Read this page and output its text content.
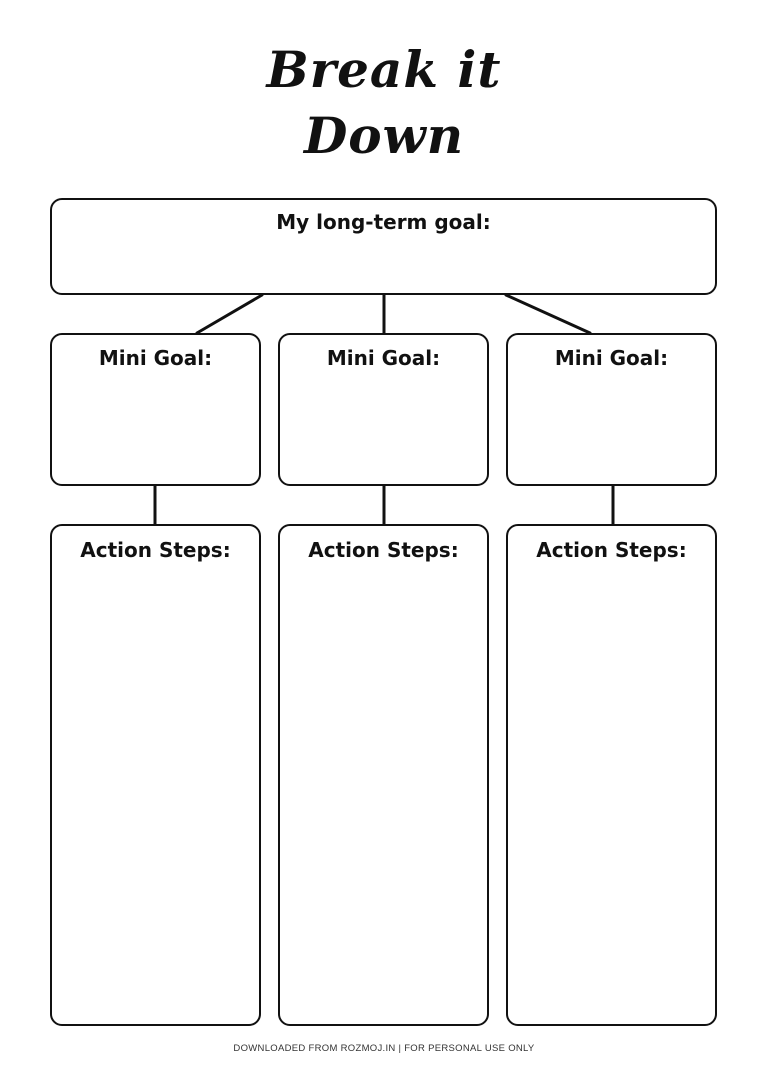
Break it
Down
My long-term goal:
Mini Goal:	Mini Goal:	Mini Goal:
Action Steps:	Action Steps:	Action Steps:
DOWNLOADED FROM ROZMOJ.IN | FOR PERSONAL USE ONLY
